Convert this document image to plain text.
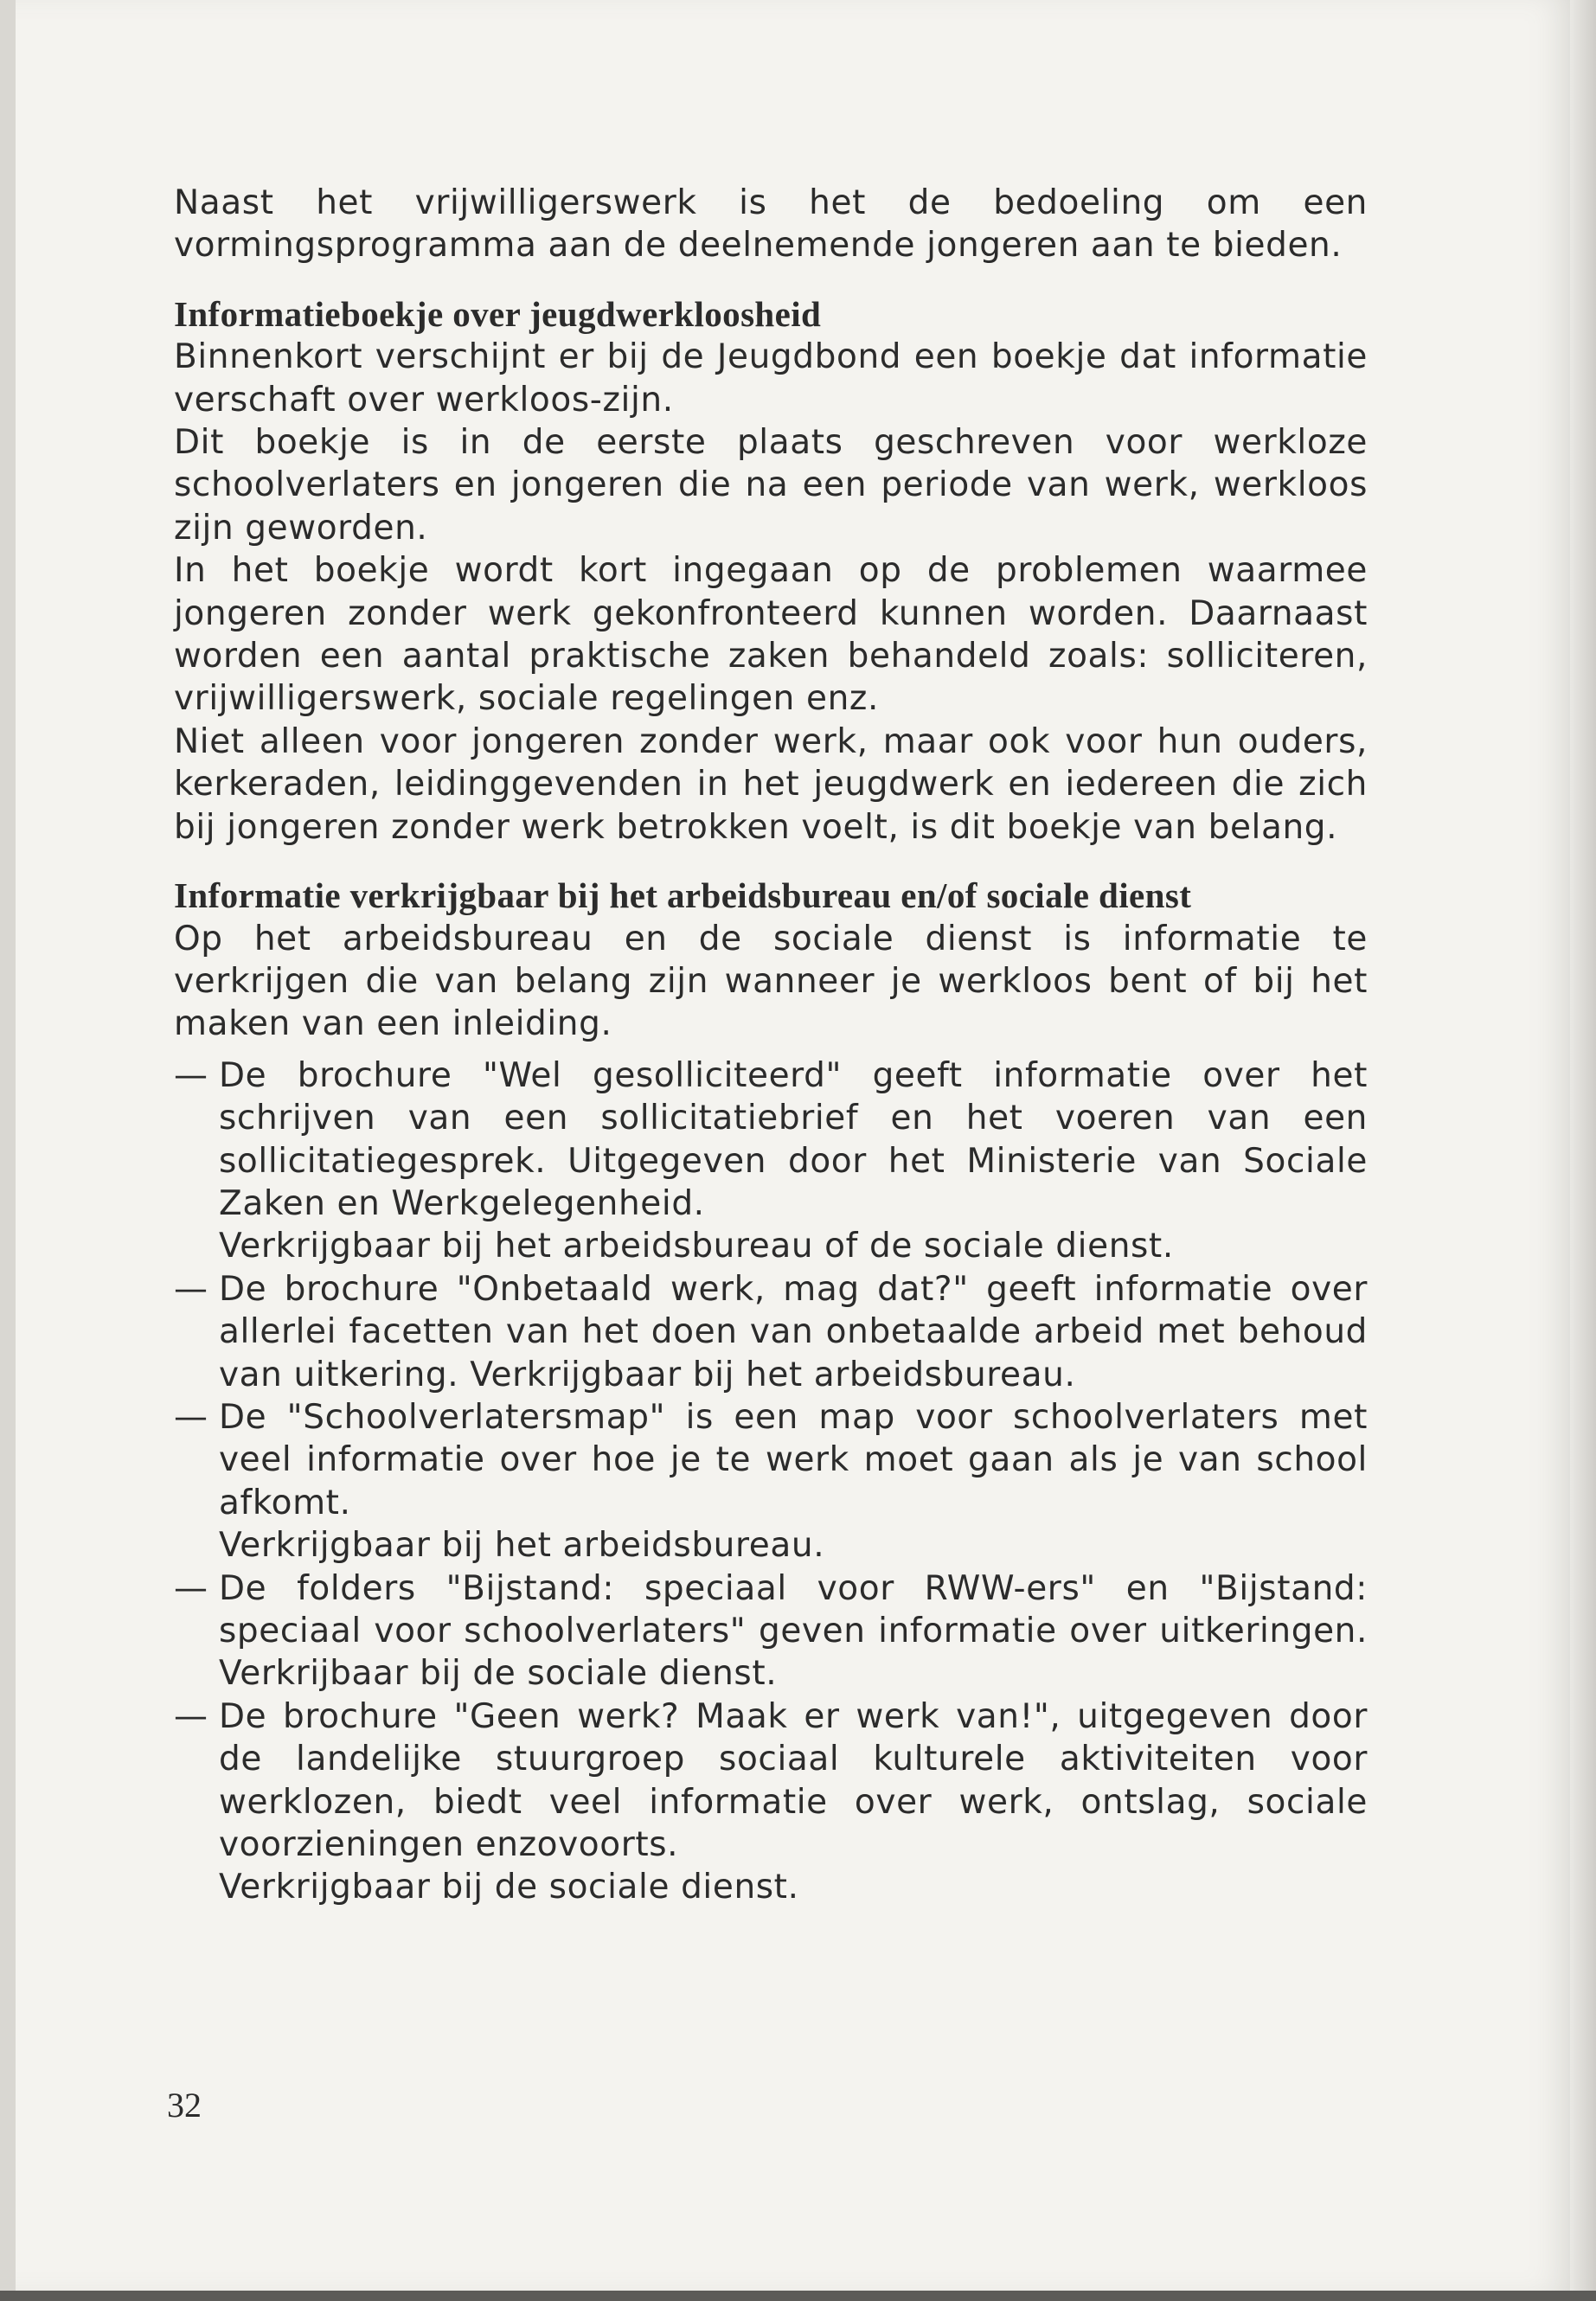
Naast het vrijwilligerswerk is het de bedoeling om een vormingsprogramma aan de deelnemende jongeren aan te bieden.

Informatieboekje over jeugdwerkloosheid

Binnenkort verschijnt er bij de Jeugdbond een boekje dat informatie verschaft over werkloos-zijn.

Dit boekje is in de eerste plaats geschreven voor werkloze schoolverlaters en jongeren die na een periode van werk, werkloos zijn geworden.

In het boekje wordt kort ingegaan op de problemen waarmee jongeren zonder werk gekonfronteerd kunnen worden. Daarnaast worden een aantal praktische zaken behandeld zoals: solliciteren, vrijwilligerswerk, sociale regelingen enz.

Niet alleen voor jongeren zonder werk, maar ook voor hun ouders, kerkeraden, leidinggevenden in het jeugdwerk en iedereen die zich bij jongeren zonder werk betrokken voelt, is dit boekje van belang.

Informatie verkrijgbaar bij het arbeidsbureau en/of sociale dienst

Op het arbeidsbureau en de sociale dienst is informatie te verkrijgen die van belang zijn wanneer je werkloos bent of bij het maken van een inleiding.

— De brochure "Wel gesolliciteerd" geeft informatie over het schrijven van een sollicitatiebrief en het voeren van een sollicitatiegesprek. Uitgegeven door het Ministerie van Sociale Zaken en Werkgelegenheid.
Verkrijgbaar bij het arbeidsbureau of de sociale dienst.
— De brochure "Onbetaald werk, mag dat?" geeft informatie over allerlei facetten van het doen van onbetaalde arbeid met behoud van uitkering. Verkrijgbaar bij het arbeidsbureau.
— De "Schoolverlatersmap" is een map voor schoolverlaters met veel informatie over hoe je te werk moet gaan als je van school afkomt.
Verkrijgbaar bij het arbeidsbureau.
— De folders "Bijstand: speciaal voor RWW-ers" en "Bijstand: speciaal voor schoolverlaters" geven informatie over uitkeringen. Verkrijbaar bij de sociale dienst.
— De brochure "Geen werk? Maak er werk van!", uitgegeven door de landelijke stuurgroep sociaal kulturele aktiviteiten voor werklozen, biedt veel informatie over werk, ontslag, sociale voorzieningen enzovoorts.
Verkrijgbaar bij de sociale dienst.
32
